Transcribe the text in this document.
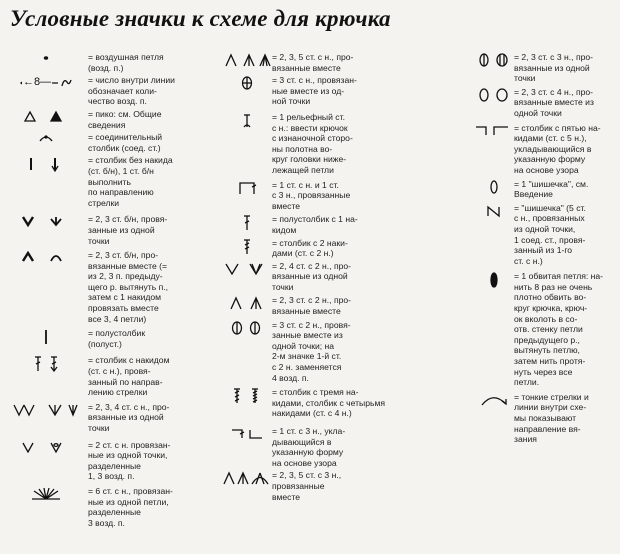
Условные значки к схеме для крючка
= воздушная петля
(возд. п.)
←8—	= число внутри линии
обозначает коли-
чество возд. п.
= пико: см. Общие
сведения
= соединительный
столбик (соед. ст.)
= столбик без накида
(ст. б/н), 1 ст. б/н
выполнить
по направлению
стрелки
= 2, 3 ст. б/н, провя-
занные из одной
точки
= 2, 3 ст. б/н, про-
вязанные вместе (=
из 2, 3 п. предыду-
щего р. вытянуть п.,
затем с 1 накидом
провязать вместе
все 3, 4 петли)
= полустолбик
(полуст.)
= столбик с накидом
(ст. с н.), провя-
занный по направ-
лению стрелки
= 2, 3, 4 ст. с н., про-
вязанные из одной
точки
= 2 ст. с н. провязан-
ные из одной точки,
разделенные
1, 3 возд. п.
= 6 ст. с н., провязан-
ные из одной петли,
разделенные
3 возд. п.
= 2, 3, 5 ст. с н., про-
вязанные вместе
= 3 ст. с н., провязан-
ные вместе из од-
ной точки
= 1 рельефный ст.
с н.: ввести крючок
с изнаночной сторо-
ны полотна во-
круг головки ниже-
лежащей петли
= 1 ст. с н. и 1 ст.
с 3 н., провязанные
вместе
= полустолбик с 1 на-
кидом
= столбик с 2 наки-
дами (ст. с 2 н.)
= 2, 4 ст. с 2 н., про-
вязанные из одной
точки
= 2, 3 ст. с 2 н., про-
вязанные вместе
= 3 ст. с 2 н., провя-
занные вместе из
одной точки; на
2-м значке 1-й ст.
с 2 н. заменяется
4 возд. п.
= столбик с тремя на-
кидами, столбик с четырьмя
накидами (ст. с 4 н.)
= 1 ст. с 3 н., укла-
дывающийся в
указанную форму
на основе узора
= 2, 3, 5 ст. с 3 н.,
провязанные
вместе
= 2, 3 ст. с 3 н., про-
вязанные из одной
точки
= 2, 3 ст. с 4 н., про-
вязанные вместе из
одной точки
= столбик с пятью на-
кидами (ст. с 5 н.),
укладывающийся в
указанную форму
на основе узора
= 1 "шишечка", см.
Введение
= "шишечка" (5 ст.
с н., провязанных
из одной точки,
1 соед. ст., провя-
занный из 1-го
ст. с н.)
= 1 обвитая петля: на-
нить 8 раз не очень
плотно обвить во-
круг крючка, крюч-
ок вколоть в со-
отв. стенку петли
предыдущего р.,
вытянуть петлю,
затем нить протя-
нуть через все
петли.
= тонкие стрелки и
линии внутри схе-
мы показывают
направление вя-
зания
